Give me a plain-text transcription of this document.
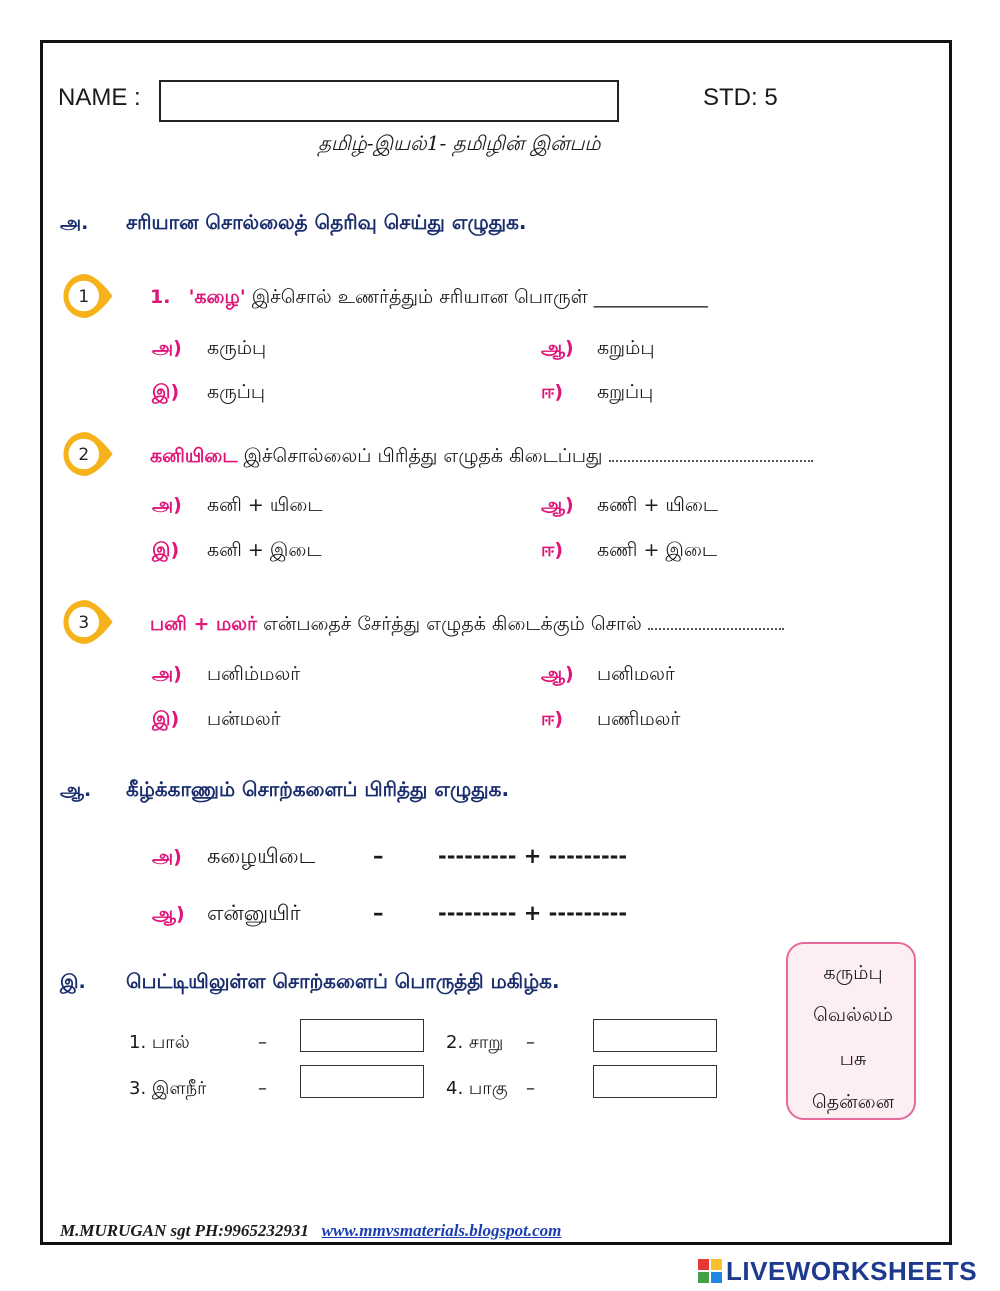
NAME :	STD: 5
தமிழ்-இயல்1- தமிழின் இன்பம்
அ. சரியான சொல்லைத் தெரிவு செய்து எழுதுக.
1	1. 'கழை' இச்சொல் உணர்த்தும் சரியான பொருள் ____________
அ) கரும்பு	ஆ) கறும்பு
இ) கருப்பு	ஈ) கறுப்பு
2	கனியிடை இச்சொல்லைப் பிரித்து எழுதக் கிடைப்பது
அ) கனி + யிடை	ஆ) கணி + யிடை
இ) கனி + இடை	ஈ) கணி + இடை
3	பனி + மலர் என்பதைச் சேர்த்து எழுதக் கிடைக்கும் சொல்
அ) பனிம்மலர்	ஆ) பனிமலர்
இ) பன்மலர்	ஈ) பணிமலர்
ஆ. கீழ்க்காணும் சொற்களைப் பிரித்து எழுதுக.
அ) கழையிடை	–	--------- + ---------
ஆ) என்னுயிர்	–	--------- + ---------
இ. பெட்டியிலுள்ள சொற்களைப் பொருத்தி மகிழ்க.
1. பால்	–	2. சாறு –
3. இளநீர்	–	4. பாகு –
கரும்பு
வெல்லம்
பசு
தென்னை
M.MURUGAN sgt PH:9965232931 www.mmvsmaterials.blogspot.com
LIVEWORKSHEETS
